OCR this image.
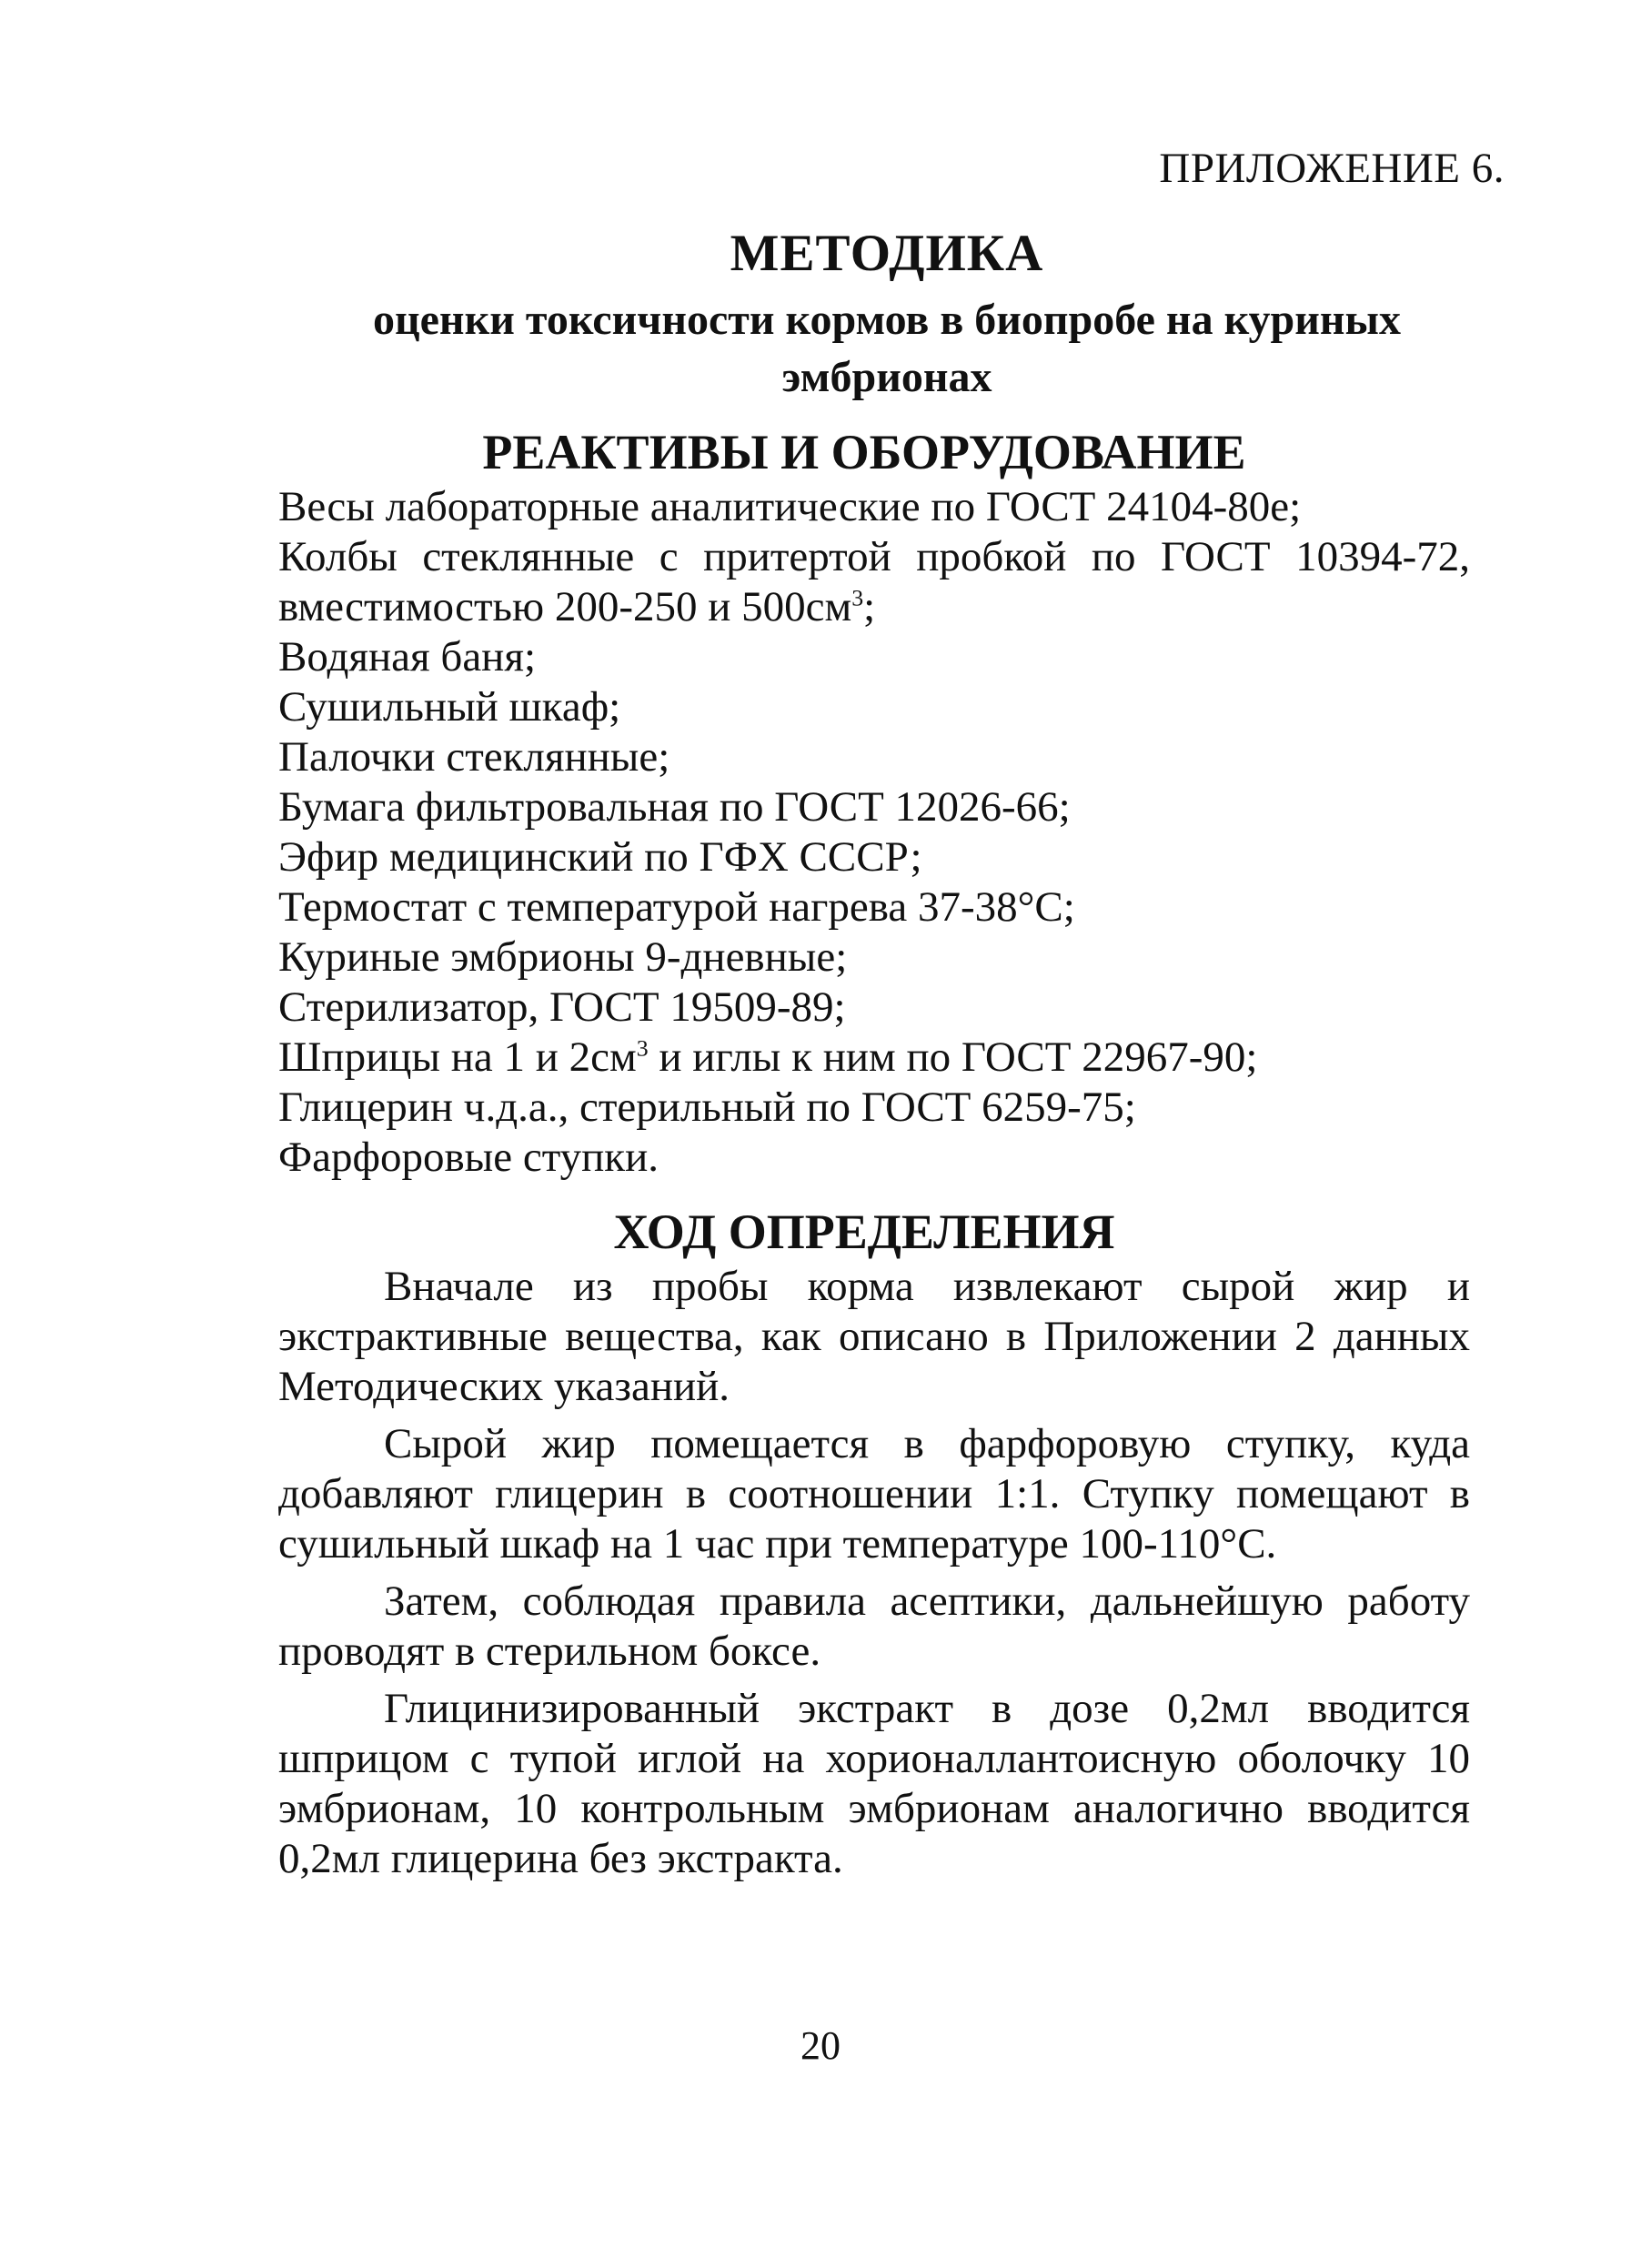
ПРИЛОЖЕНИЕ 6.
МЕТОДИКА
оценки токсичности кормов в биопробе на куриных
эмбрионах
РЕАКТИВЫ И ОБОРУДОВАНИЕ
Весы лабораторные аналитические по ГОСТ 24104-80е;
Колбы стеклянные с притертой пробкой по ГОСТ 10394-72, вместимостью 200-250 и $500см^3$;
Водяная баня;
Сушильный шкаф;
Палочки стеклянные;
Бумага фильтровальная по ГОСТ 12026-66;
Эфир медицинский по ГФХ СССР;
Термостат с температурой нагрева 37-38°С;
Куриные эмбрионы 9-дневные;
Стерилизатор, ГОСТ 19509-89;
Шприцы на 1 и $2см^3$ и иглы к ним по ГОСТ 22967-90;
Глицерин ч.д.а., стерильный по ГОСТ 6259-75;
Фарфоровые ступки.
ХОД ОПРЕДЕЛЕНИЯ

Вначале из пробы корма извлекают сырой жир и экстрактивные вещества, как описано в Приложении 2 данных Методических указаний.

Сырой жир помещается в фарфоровую ступку, куда добавляют глицерин в соотношении 1:1. Ступку помещают в сушильный шкаф на 1 час при температуре 100-110°С.

Затем, соблюдая правила асептики, дальнейшую работу проводят в стерильном боксе.

Глицинизированный экстракт в дозе 0,2мл вводится шприцом с тупой иглой на хорионаллантоисную оболочку 10 эмбрионам, 10 контрольным эмбрионам аналогично вводится 0,2мл глицерина без экстракта.

20
